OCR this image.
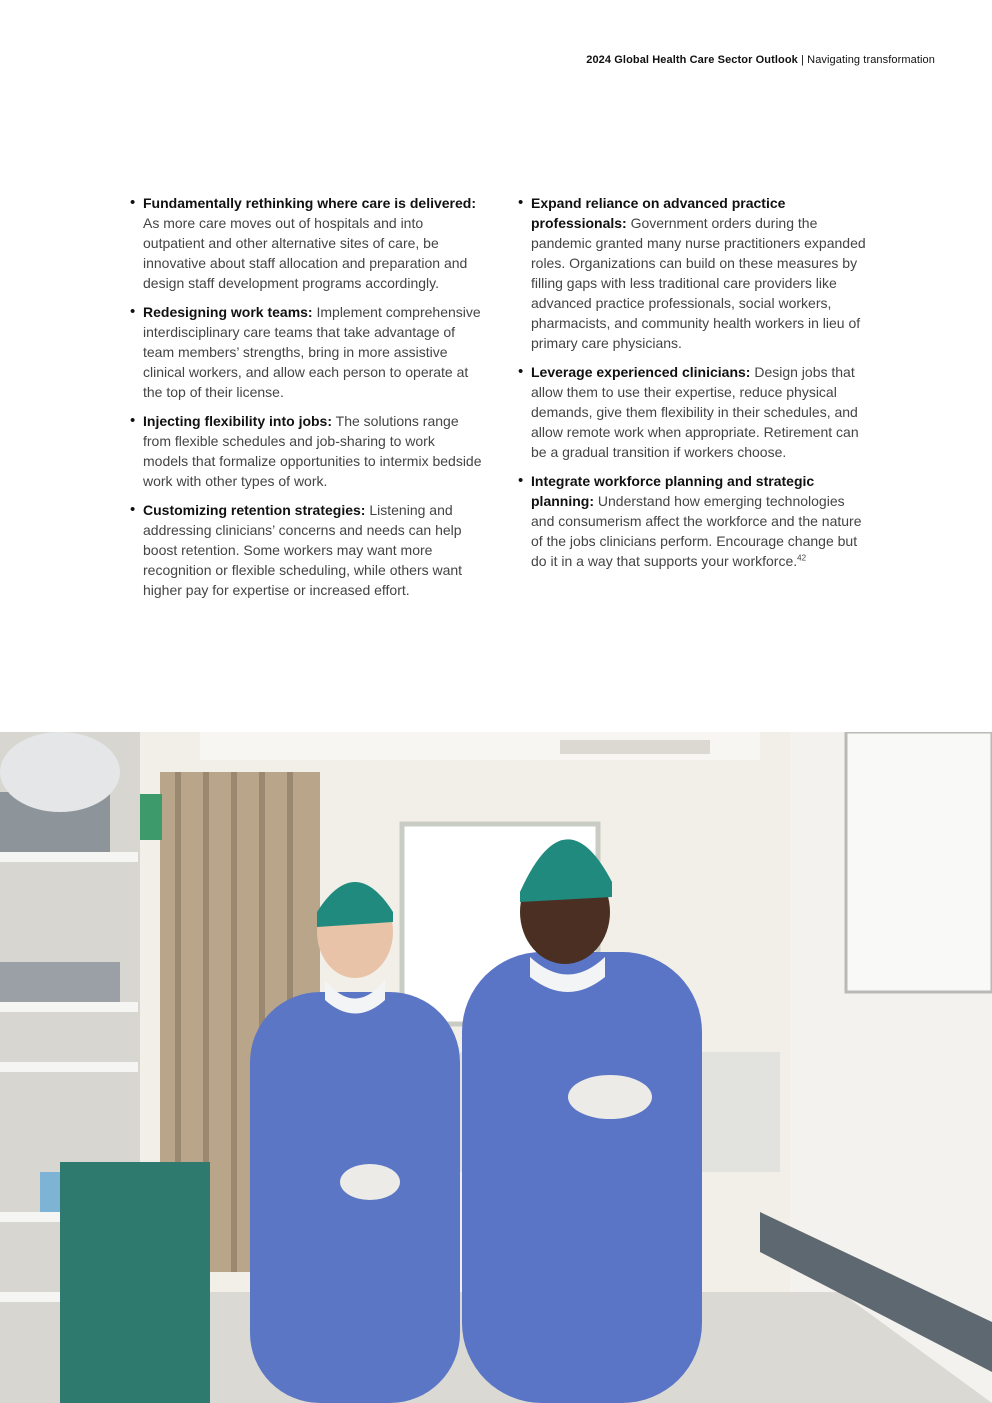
2024 Global Health Care Sector Outlook | Navigating transformation
• Fundamentally rethinking where care is delivered: As more care moves out of hospitals and into outpatient and other alternative sites of care, be innovative about staff allocation and preparation and design staff development programs accordingly.
• Redesigning work teams: Implement comprehensive interdisciplinary care teams that take advantage of team members’ strengths, bring in more assistive clinical workers, and allow each person to operate at the top of their license.
• Injecting flexibility into jobs: The solutions range from flexible schedules and job-sharing to work models that formalize opportunities to intermix bedside work with other types of work.
• Customizing retention strategies: Listening and addressing clinicians’ concerns and needs can help boost retention. Some workers may want more recognition or flexible scheduling, while others want higher pay for expertise or increased effort.
• Expand reliance on advanced practice professionals: Government orders during the pandemic granted many nurse practitioners expanded roles. Organizations can build on these measures by filling gaps with less traditional care providers like advanced practice professionals, social workers, pharmacists, and community health workers in lieu of primary care physicians.
• Leverage experienced clinicians: Design jobs that allow them to use their expertise, reduce physical demands, give them flexibility in their schedules, and allow remote work when appropriate. Retirement can be a gradual transition if workers choose.
• Integrate workforce planning and strategic planning: Understand how emerging technologies and consumerism affect the workforce and the nature of the jobs clinicians perform. Encourage change but do it in a way that supports your workforce.$^{42}$
